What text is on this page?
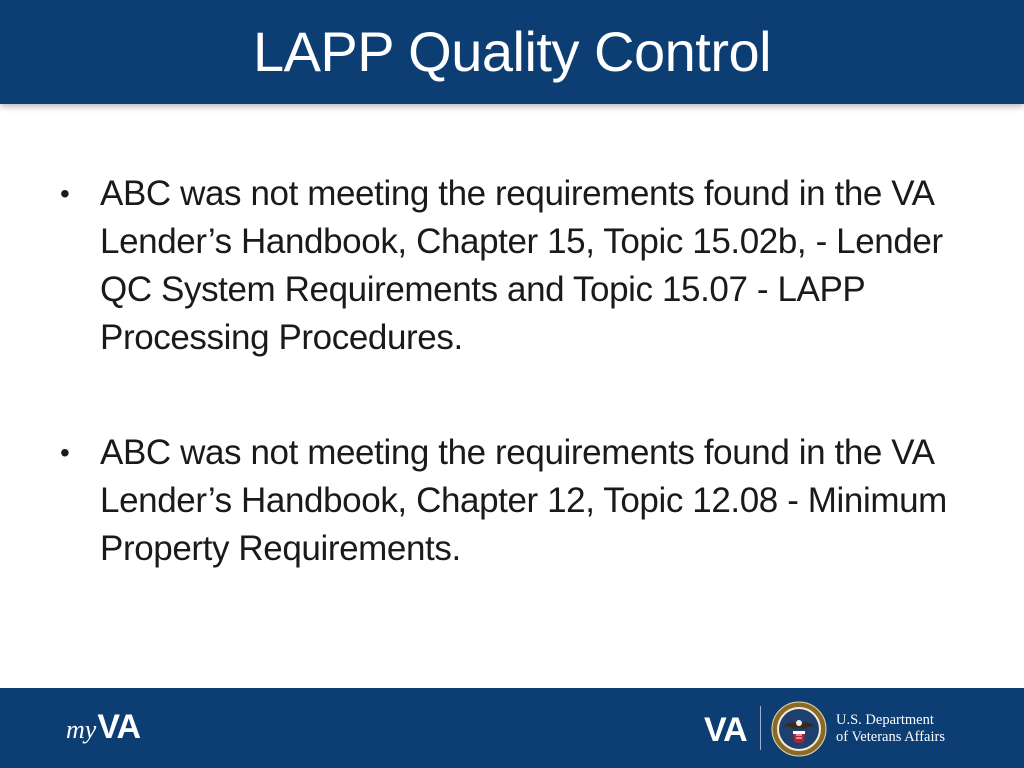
LAPP Quality Control
• ABC was not meeting the requirements found in the VA Lender’s Handbook, Chapter 15, Topic 15.02b, - Lender QC System Requirements and Topic 15.07 - LAPP Processing Procedures.
• ABC was not meeting the requirements found in the VA Lender’s Handbook, Chapter 12, Topic 12.08 - Minimum Property Requirements.
my VA	VA	U.S. Department
of Veterans Affairs
